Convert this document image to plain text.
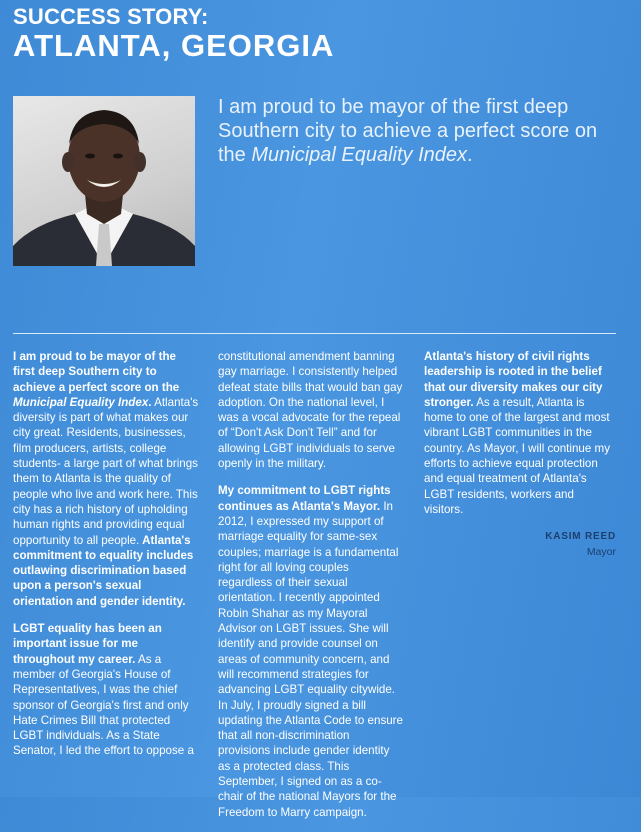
SUCCESS STORY:
ATLANTA, GEORGIA
I am proud to be mayor of the first deep Southern city to achieve a perfect score on the Municipal Equality Index.

I am proud to be mayor of the first deep Southern city to achieve a perfect score on the Municipal Equality Index. Atlanta's diversity is part of what makes our city great. Residents, businesses, film producers, artists, college students- a large part of what brings them to Atlanta is the quality of people who live and work here. This city has a rich history of upholding human rights and providing equal opportunity to all people. Atlanta's commitment to equality includes outlawing discrimination based upon a person's sexual orientation and gender identity.

LGBT equality has been an important issue for me throughout my career. As a member of Georgia's House of Representatives, I was the chief sponsor of Georgia's first and only Hate Crimes Bill that protected LGBT individuals. As a State Senator, I led the effort to oppose a

constitutional amendment banning gay marriage. I consistently helped defeat state bills that would ban gay adoption. On the national level, I was a vocal advocate for the repeal of “Don't Ask Don't Tell” and for allowing LGBT individuals to serve openly in the military.

My commitment to LGBT rights continues as Atlanta's Mayor. In 2012, I expressed my support of marriage equality for same-sex couples; marriage is a fundamental right for all loving couples regardless of their sexual orientation. I recently appointed Robin Shahar as my Mayoral Advisor on LGBT issues. She will identify and provide counsel on areas of community concern, and will recommend strategies for advancing LGBT equality citywide. In July, I proudly signed a bill updating the Atlanta Code to ensure that all non-discrimination provisions include gender identity as a protected class. This September, I signed on as a co-chair of the national Mayors for the Freedom to Marry campaign.

Atlanta's history of civil rights leadership is rooted in the belief that our diversity makes our city stronger. As a result, Atlanta is home to one of the largest and most vibrant LGBT communities in the country. As Mayor, I will continue my efforts to achieve equal protection and equal treatment of Atlanta's LGBT residents, workers and visitors.

KASIM REED
Mayor
